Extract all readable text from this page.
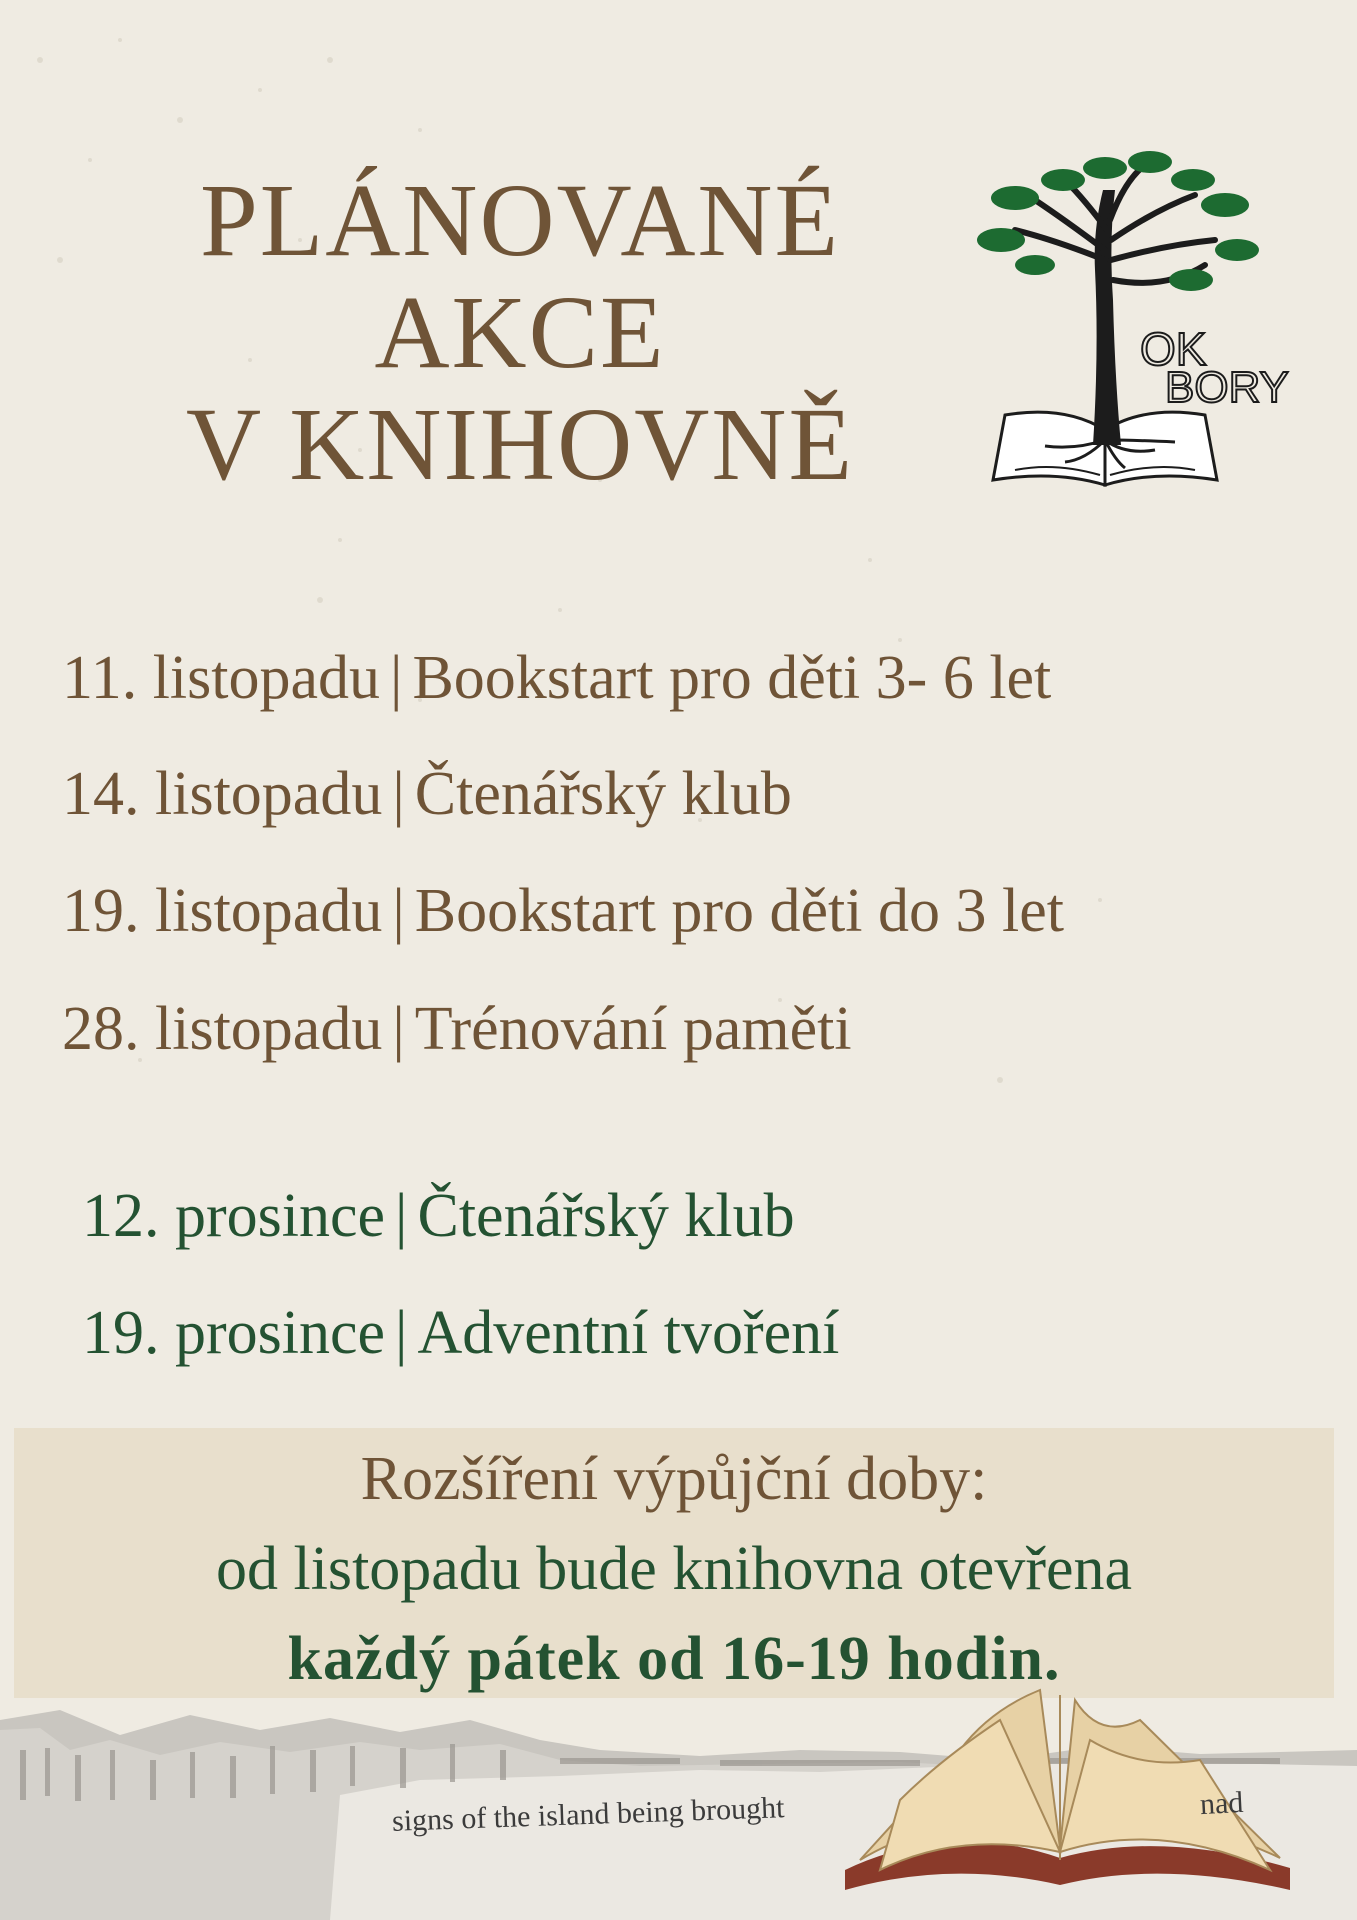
PLÁNOVANÉ
AKCE
V KNIHOVNĚ
OK
BORY
11. listopadu | Bookstart pro děti 3- 6 let
14. listopadu | Čtenářský klub
19. listopadu | Bookstart pro děti do 3 let
28. listopadu | Trénování paměti
12. prosince | Čtenářský klub
19. prosince | Adventní tvoření
Rozšíření výpůjční doby:
od listopadu bude knihovna otevřena
každý pátek od 16-19 hodin.
signs of the island being brought	nad
